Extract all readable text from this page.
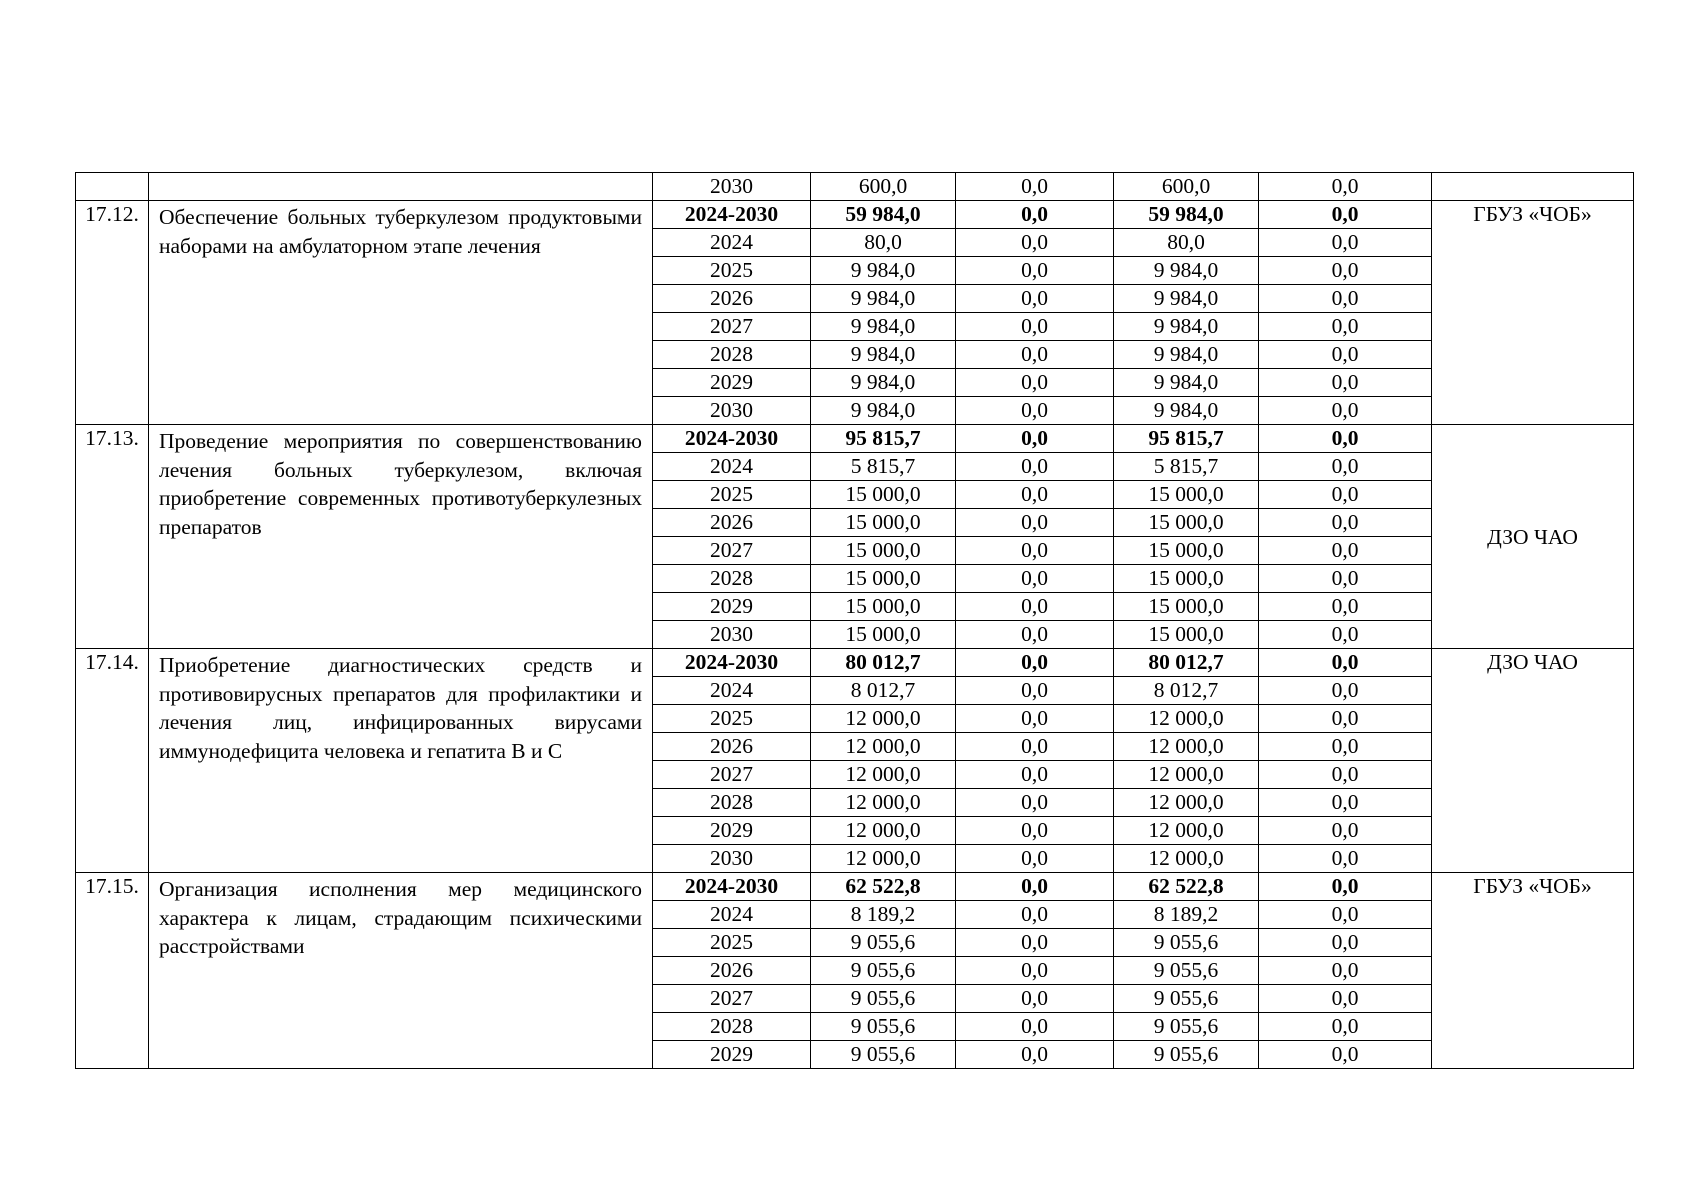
		2030	600,0	0,0	600,0	0,0	
17.12.	Обеспечение больных туберкулезом продуктовыми наборами на амбулаторном этапе лечения	2024-2030	59 984,0	0,0	59 984,0	0,0	ГБУЗ «ЧОБ»
		2024	80,0	0,0	80,0	0,0	
		2025	9 984,0	0,0	9 984,0	0,0	
		2026	9 984,0	0,0	9 984,0	0,0	
		2027	9 984,0	0,0	9 984,0	0,0	
		2028	9 984,0	0,0	9 984,0	0,0	
		2029	9 984,0	0,0	9 984,0	0,0	
		2030	9 984,0	0,0	9 984,0	0,0	
17.13.	Проведение мероприятия по совершенствованию лечения больных туберкулезом, включая приобретение современных противотуберкулезных препаратов	2024-2030	95 815,7	0,0	95 815,7	0,0	ДЗО ЧАО
		2024	5 815,7	0,0	5 815,7	0,0	
		2025	15 000,0	0,0	15 000,0	0,0	
		2026	15 000,0	0,0	15 000,0	0,0	
		2027	15 000,0	0,0	15 000,0	0,0	
		2028	15 000,0	0,0	15 000,0	0,0	
		2029	15 000,0	0,0	15 000,0	0,0	
		2030	15 000,0	0,0	15 000,0	0,0	
17.14.	Приобретение диагностических средств и противовирусных препаратов для профилактики и лечения лиц, инфицированных вирусами иммунодефицита человека и гепатита B и C	2024-2030	80 012,7	0,0	80 012,7	0,0	ДЗО ЧАО
		2024	8 012,7	0,0	8 012,7	0,0	
		2025	12 000,0	0,0	12 000,0	0,0	
		2026	12 000,0	0,0	12 000,0	0,0	
		2027	12 000,0	0,0	12 000,0	0,0	
		2028	12 000,0	0,0	12 000,0	0,0	
		2029	12 000,0	0,0	12 000,0	0,0	
		2030	12 000,0	0,0	12 000,0	0,0	
17.15.	Организация исполнения мер медицинского характера к лицам, страдающим психическими расстройствами	2024-2030	62 522,8	0,0	62 522,8	0,0	ГБУЗ «ЧОБ»
		2024	8 189,2	0,0	8 189,2	0,0	
		2025	9 055,6	0,0	9 055,6	0,0	
		2026	9 055,6	0,0	9 055,6	0,0	
		2027	9 055,6	0,0	9 055,6	0,0	
		2028	9 055,6	0,0	9 055,6	0,0	
		2029	9 055,6	0,0	9 055,6	0,0	
